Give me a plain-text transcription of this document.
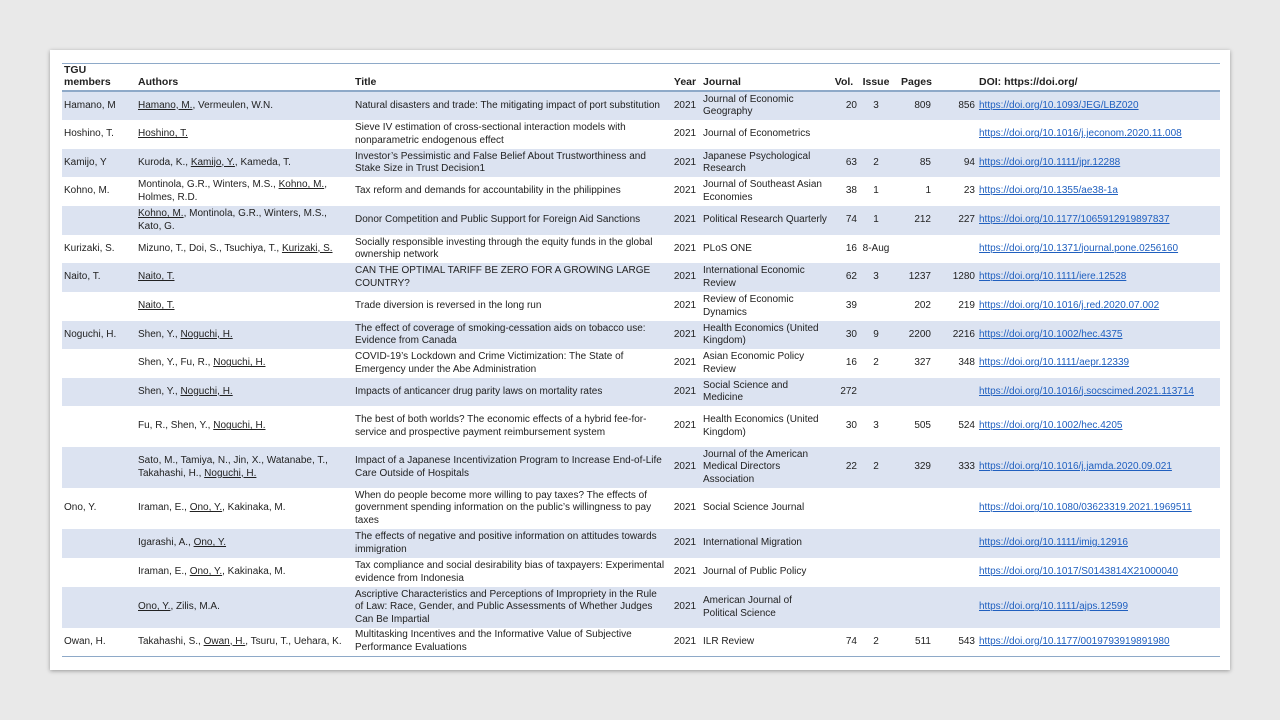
TGU members	Authors	Title	Year	Journal	Vol.	Issue	Pages		DOI: https://doi.org/
Hamano, M	Hamano, M., Vermeulen, W.N.	Natural disasters and trade: The mitigating impact of port substitution	2021	Journal of Economic Geography	20	3	809	856	https://doi.org/10.1093/JEG/LBZ020
Hoshino, T.	Hoshino, T.	Sieve IV estimation of cross-sectional interaction models with nonparametric endogenous effect	2021	Journal of Econometrics					https://doi.org/10.1016/j.jeconom.2020.11.008
Kamijo, Y	Kuroda, K., Kamijo, Y., Kameda, T.	Investor’s Pessimistic and False Belief About Trustworthiness and Stake Size in Trust Decision1	2021	Japanese Psychological Research	63	2	85	94	https://doi.org/10.1111/jpr.12288
Kohno, M.	Montinola, G.R., Winters, M.S., Kohno, M., Holmes, R.D.	Tax reform and demands for accountability in the philippines	2021	Journal of Southeast Asian Economies	38	1	1	23	https://doi.org/10.1355/ae38-1a
	Kohno, M., Montinola, G.R., Winters, M.S., Kato, G.	Donor Competition and Public Support for Foreign Aid Sanctions	2021	Political Research Quarterly	74	1	212	227	https://doi.org/10.1177/1065912919897837
Kurizaki, S.	Mizuno, T., Doi, S., Tsuchiya, T., Kurizaki, S.	Socially responsible investing through the equity funds in the global ownership network	2021	PLoS ONE	16	8-Aug			https://doi.org/10.1371/journal.pone.0256160
Naito, T.	Naito, T.	CAN THE OPTIMAL TARIFF BE ZERO FOR A GROWING LARGE COUNTRY?	2021	International Economic Review	62	3	1237	1280	https://doi.org/10.1111/iere.12528
	Naito, T.	Trade diversion is reversed in the long run	2021	Review of Economic Dynamics	39		202	219	https://doi.org/10.1016/j.red.2020.07.002
Noguchi, H.	Shen, Y., Noguchi, H.	The effect of coverage of smoking-cessation aids on tobacco use: Evidence from Canada	2021	Health Economics (United Kingdom)	30	9	2200	2216	https://doi.org/10.1002/hec.4375
	Shen, Y., Fu, R., Noguchi, H.	COVID-19’s Lockdown and Crime Victimization: The State of Emergency under the Abe Administration	2021	Asian Economic Policy Review	16	2	327	348	https://doi.org/10.1111/aepr.12339
	Shen, Y., Noguchi, H.	Impacts of anticancer drug parity laws on mortality rates	2021	Social Science and Medicine	272				https://doi.org/10.1016/j.socscimed.2021.113714
	Fu, R., Shen, Y., Noguchi, H.	The best of both worlds? The economic effects of a hybrid fee-for-service and prospective payment reimbursement system	2021	Health Economics (United Kingdom)	30	3	505	524	https://doi.org/10.1002/hec.4205
	Sato, M., Tamiya, N., Jin, X., Watanabe, T., Takahashi, H., Noguchi, H.	Impact of a Japanese Incentivization Program to Increase End-of-Life Care Outside of Hospitals	2021	Journal of the American Medical Directors Association	22	2	329	333	https://doi.org/10.1016/j.jamda.2020.09.021
Ono, Y.	Iraman, E., Ono, Y., Kakinaka, M.	When do people become more willing to pay taxes? The effects of government spending information on the public’s willingness to pay taxes	2021	Social Science Journal					https://doi.org/10.1080/03623319.2021.1969511
	Igarashi, A., Ono, Y.	The effects of negative and positive information on attitudes towards immigration	2021	International Migration					https://doi.org/10.1111/imig.12916
	Iraman, E., Ono, Y., Kakinaka, M.	Tax compliance and social desirability bias of taxpayers: Experimental evidence from Indonesia	2021	Journal of Public Policy					https://doi.org/10.1017/S0143814X21000040
	Ono, Y., Zilis, M.A.	Ascriptive Characteristics and Perceptions of Impropriety in the Rule of Law: Race, Gender, and Public Assessments of Whether Judges Can Be Impartial	2021	American Journal of Political Science					https://doi.org/10.1111/ajps.12599
Owan, H.	Takahashi, S., Owan, H., Tsuru, T., Uehara, K.	Multitasking Incentives and the Informative Value of Subjective Performance Evaluations	2021	ILR Review	74	2	511	543	https://doi.org/10.1177/0019793919891980
